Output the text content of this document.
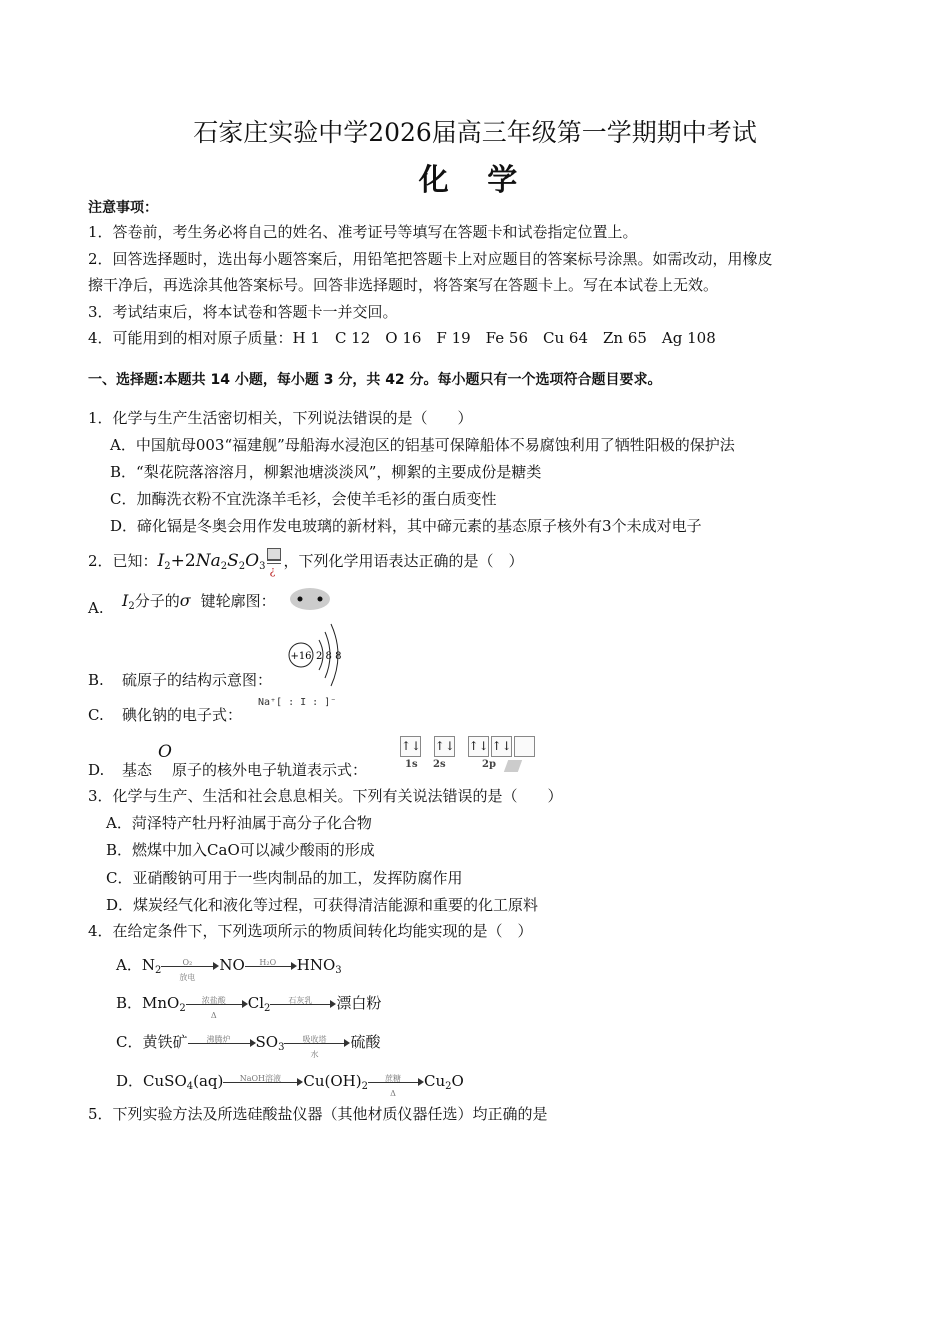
石家庄实验中学2026届高三年级第一学期期中考试
化 学
注意事项：
1．答卷前，考生务必将自己的姓名、准考证号等填写在答题卡和试卷指定位置上。
2．回答选择题时，选出每小题答案后，用铅笔把答题卡上对应题目的答案标号涂黑。如需改动，用橡皮
擦干净后，再选涂其他答案标号。回答非选择题时，将答案写在答题卡上。写在本试卷上无效。
3．考试结束后，将本试卷和答题卡一并交回。
4．可能用到的相对原子质量：H 1　C 12　O 16　F 19　Fe 56　Cu 64　Zn 65　Ag 108
一、选择题:本题共 14 小题，每小题 3 分，共 42 分。每小题只有一个选项符合题目要求。
1．化学与生产生活密切相关，下列说法错误的是（　　）
A．中国航母003“福建舰”母船海水浸泡区的铝基可保障船体不易腐蚀利用了牺牲阳极的保护法
B．“梨花院落溶溶月，柳絮池塘淡淡风”，柳絮的主要成份是糖类
C．加酶洗衣粉不宜洗涤羊毛衫，会使羊毛衫的蛋白质变性
D．碲化镉是冬奥会用作发电玻璃的新材料，其中碲元素的基态原子核外有3个未成对电子
2．已知：$I_2+2Na_2S_2O_3$ ¿
，下列化学用语表达正确的是（　）
A. $I_2$分子的σ 键轮廓图：
B. 硫原子的结构示意图：
+16 2 8 8
C. 碘化钠的电子式：
Na⁺[ : I : ]⁻
D. 基态
O
原子的核外电子轨道表示式：
↑↓ ↑↓ ↑↓ ↑↓
1s 2s	2p
3．化学与生产、生活和社会息息相关。下列有关说法错误的是（　　）
A．菏泽特产牡丹籽油属于高分子化合物
B．燃煤中加入CaO可以减少酸雨的形成
C．亚硝酸钠可用于一些肉制品的加工，发挥防腐作用
D．煤炭经气化和液化等过程，可获得清洁能源和重要的化工原料
4．在给定条件下，下列选项所示的物质间转化均能实现的是（　）
A．$N_2$
O₂
放电
NO	H₂O	$HNO_3$
B．MnO$_2$
浓盐酸
Δ
$Cl_2$
石灰乳	漂白粉
C．黄铁矿	沸腾炉	$SO_3$
吸收塔
水
硫酸
D．CuSO$_4$(aq)	NaOH溶液	$Cu(OH)_2$
蔗糖
Δ
$Cu_2O$
5．下列实验方法及所选硅酸盐仪器（其他材质仪器任选）均正确的是
